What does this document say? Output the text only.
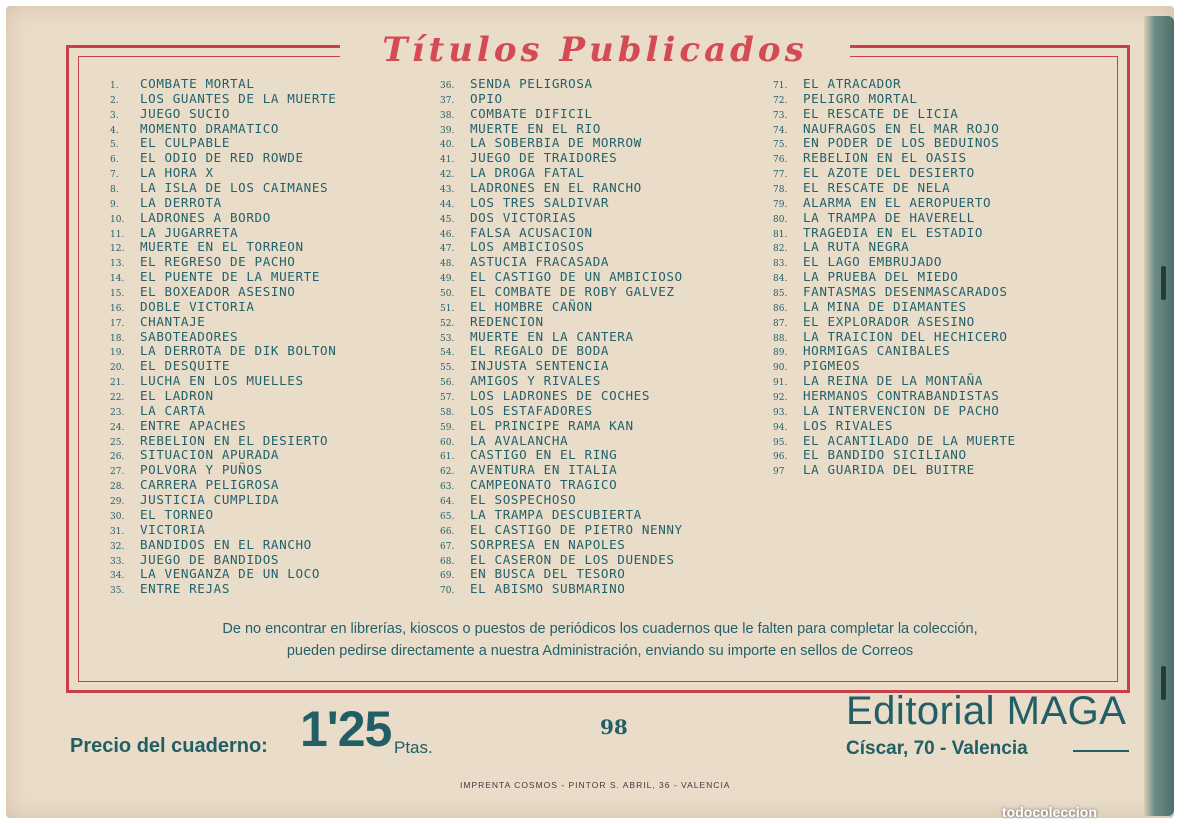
Títulos Publicados
1. COMBATE MORTAL
2. LOS GUANTES DE LA MUERTE
3. JUEGO SUCIO
4. MOMENTO DRAMATICO
5. EL CULPABLE
6. EL ODIO DE RED ROWDE
7. LA HORA X
8. LA ISLA DE LOS CAIMANES
9. LA DERROTA
10. LADRONES A BORDO
11. LA JUGARRETA
12. MUERTE EN EL TORREON
13. EL REGRESO DE PACHO
14. EL PUENTE DE LA MUERTE
15. EL BOXEADOR ASESINO
16. DOBLE VICTORIA
17. CHANTAJE
18. SABOTEADORES
19. LA DERROTA DE DIK BOLTON
20. EL DESQUITE
21. LUCHA EN LOS MUELLES
22. EL LADRON
23. LA CARTA
24. ENTRE APACHES
25. REBELION EN EL DESIERTO
26. SITUACION APURADA
27. POLVORA Y PUÑOS
28. CARRERA PELIGROSA
29. JUSTICIA CUMPLIDA
30. EL TORNEO
31. VICTORIA
32. BANDIDOS EN EL RANCHO
33. JUEGO DE BANDIDOS
34. LA VENGANZA DE UN LOCO
35. ENTRE REJAS
36. SENDA PELIGROSA
37. OPIO
38. COMBATE DIFICIL
39. MUERTE EN EL RIO
40. LA SOBERBIA DE MORROW
41. JUEGO DE TRAIDORES
42. LA DROGA FATAL
43. LADRONES EN EL RANCHO
44. LOS TRES SALDIVAR
45. DOS VICTORIAS
46. FALSA ACUSACION
47. LOS AMBICIOSOS
48. ASTUCIA FRACASADA
49. EL CASTIGO DE UN AMBICIOSO
50. EL COMBATE DE ROBY GALVEZ
51. EL HOMBRE CAÑON
52. REDENCION
53. MUERTE EN LA CANTERA
54. EL REGALO DE BODA
55. INJUSTA SENTENCIA
56. AMIGOS Y RIVALES
57. LOS LADRONES DE COCHES
58. LOS ESTAFADORES
59. EL PRINCIPE RAMA KAN
60. LA AVALANCHA
61. CASTIGO EN EL RING
62. AVENTURA EN ITALIA
63. CAMPEONATO TRAGICO
64. EL SOSPECHOSO
65. LA TRAMPA DESCUBIERTA
66. EL CASTIGO DE PIETRO NENNY
67. SORPRESA EN NAPOLES
68. EL CASERON DE LOS DUENDES
69. EN BUSCA DEL TESORO
70. EL ABISMO SUBMARINO
71. EL ATRACADOR
72. PELIGRO MORTAL
73. EL RESCATE DE LICIA
74. NAUFRAGOS EN EL MAR ROJO
75. EN PODER DE LOS BEDUINOS
76. REBELION EN EL OASIS
77. EL AZOTE DEL DESIERTO
78. EL RESCATE DE NELA
79. ALARMA EN EL AEROPUERTO
80. LA TRAMPA DE HAVERELL
81. TRAGEDIA EN EL ESTADIO
82. LA RUTA NEGRA
83. EL LAGO EMBRUJADO
84. LA PRUEBA DEL MIEDO
85. FANTASMAS DESENMASCARADOS
86. LA MINA DE DIAMANTES
87. EL EXPLORADOR ASESINO
88. LA TRAICION DEL HECHICERO
89. HORMIGAS CANIBALES
90. PIGMEOS
91. LA REINA DE LA MONTAÑA
92. HERMANOS CONTRABANDISTAS
93. LA INTERVENCION DE PACHO
94. LOS RIVALES
95. EL ACANTILADO DE LA MUERTE
96. EL BANDIDO SICILIANO
97 LA GUARIDA DEL BUITRE
De no encontrar en librerías, kioscos o puestos de periódicos los cuadernos que le falten para completar la colección,
pueden pedirse directamente a nuestra Administración, enviando su importe en sellos de Correos
Precio del cuaderno: 1'25 Ptas.
98	Editorial MAGA
Císcar, 70 - Valencia
IMPRENTA COSMOS - PINTOR S. ABRIL, 36 - VALENCIA
todocoleccion
